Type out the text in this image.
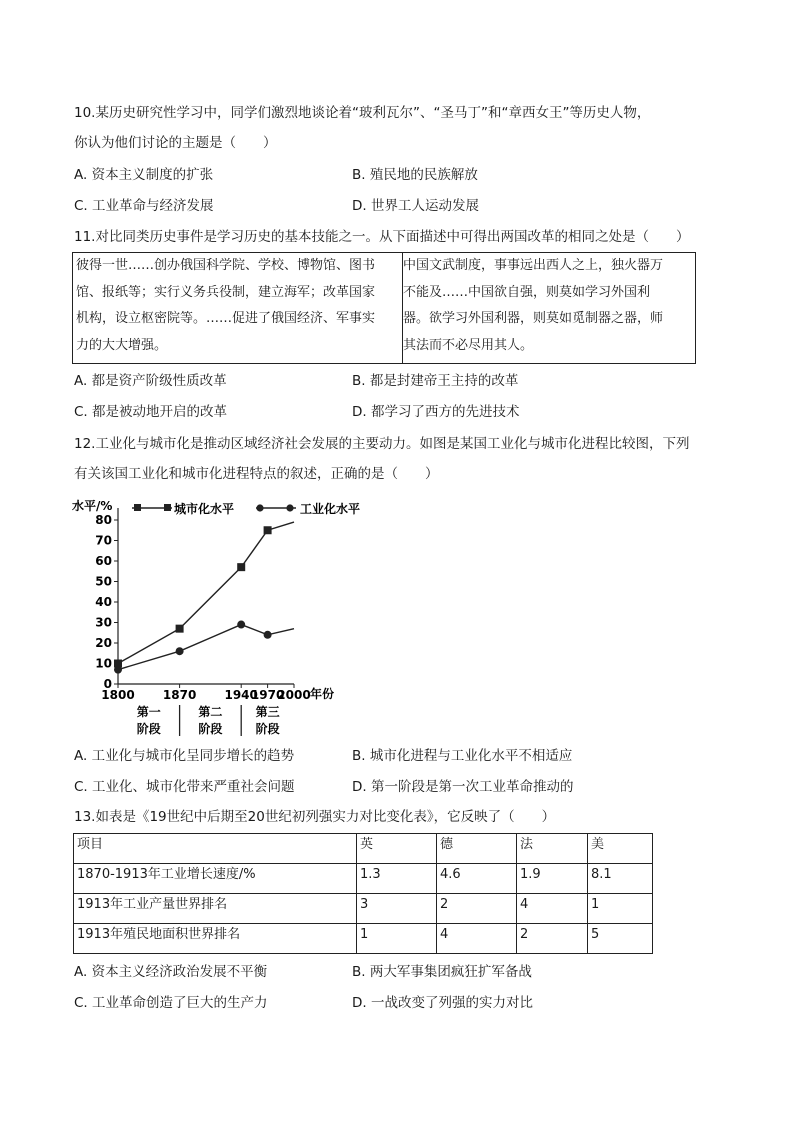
10.某历史研究性学习中，同学们激烈地谈论着“玻利瓦尔”、“圣马丁”和“章西女王”等历史人物，
你认为他们讨论的主题是（　　）
A. 资本主义制度的扩张	B. 殖民地的民族解放
C. 工业革命与经济发展	D. 世界工人运动发展
11.对比同类历史事件是学习历史的基本技能之一。从下面描述中可得出两国改革的相同之处是（　　）
彼得一世……创办俄国科学院、学校、博物馆、图书
馆、报纸等；实行义务兵役制，建立海军；改革国家
机构，设立枢密院等。……促进了俄国经济、军事实
力的大大增强。
中国文武制度，事事远出西人之上，独火器万
不能及……中国欲自强，则莫如学习外国利
器。欲学习外国利器，则莫如觅制器之器，师
其法而不必尽用其人。
A. 都是资产阶级性质改革	B. 都是封建帝王主持的改革
C. 都是被动地开启的改革	D. 都学习了西方的先进技术
12.工业化与城市化是推动区域经济社会发展的主要动力。如图是某国工业化与城市化进程比较图，下列
有关该国工业化和城市化进程特点的叙述，正确的是（　　）
水平/%
年份
城市化水平	工业化水平
0
10
20
30
40
50
60
70
80
1800 1870 1940
1970
2000
第一
阶段
第二
阶段
第三
阶段
A. 工业化与城市化呈同步增长的趋势	B. 城市化进程与工业化水平不相适应
C. 工业化、城市化带来严重社会问题	D. 第一阶段是第一次工业革命推动的
13.如表是《19世纪中后期至20世纪初列强实力对比变化表》，它反映了（　　）
项目	英	德	法	美
1870-1913年工业增长速度/%	1.3	4.6	1.9	8.1
1913年工业产量世界排名	3	2	4	1
1913年殖民地面积世界排名	1	4	2	5
A. 资本主义经济政治发展不平衡	B. 两大军事集团疯狂扩军备战
C. 工业革命创造了巨大的生产力	D. 一战改变了列强的实力对比
